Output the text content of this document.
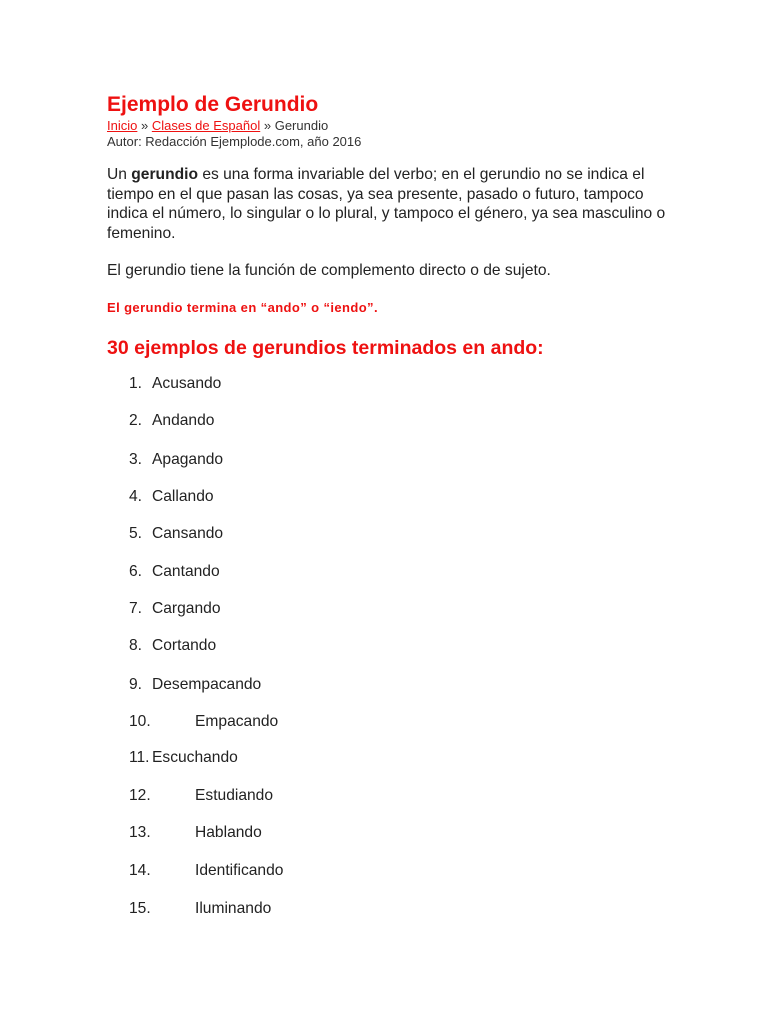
Ejemplo de Gerundio
Inicio » Clases de Español » Gerundio
Autor: Redacción Ejemplode.com, año 2016

Un gerundio es una forma invariable del verbo; en el gerundio no se indica el tiempo en el que pasan las cosas, ya sea presente, pasado o futuro, tampoco indica el número, lo singular o lo plural, y tampoco el género, ya sea masculino o femenino.

El gerundio tiene la función de complemento directo o de sujeto.

El gerundio termina en “ando” o “iendo”.
30 ejemplos de gerundios terminados en ando:
1. Acusando
2. Andando
3. Apagando
4. Callando
5. Cansando
6. Cantando
7. Cargando
8. Cortando
9. Desempacando
10.	Empacando
11. Escuchando
12.	Estudiando
13.	Hablando
14.	Identificando
15.	Iluminando
